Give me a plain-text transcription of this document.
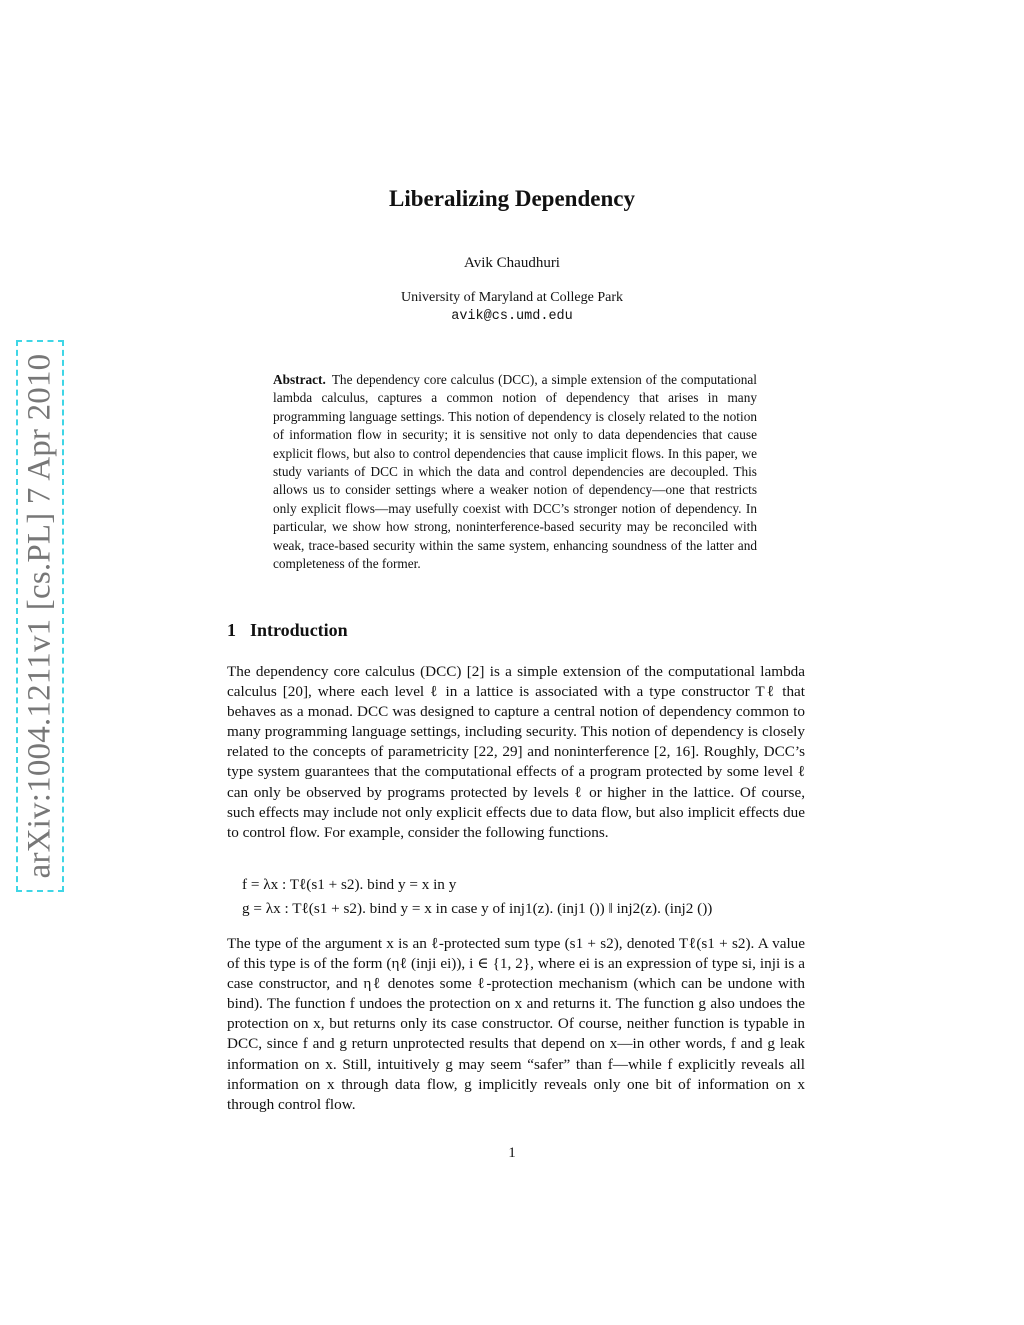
arXiv:1004.1211v1 [cs.PL] 7 Apr 2010
Liberalizing Dependency
Avik Chaudhuri
University of Maryland at College Park
avik@cs.umd.edu

Abstract. The dependency core calculus (DCC), a simple extension of the computational lambda calculus, captures a common notion of dependency that arises in many programming language settings. This notion of dependency is closely related to the notion of information flow in security; it is sensitive not only to data dependencies that cause explicit flows, but also to control dependencies that cause implicit flows. In this paper, we study variants of DCC in which the data and control dependencies are decoupled. This allows us to consider settings where a weaker notion of dependency—one that restricts only explicit flows—may usefully coexist with DCC’s stronger notion of dependency. In particular, we show how strong, noninterference-based security may be reconciled with weak, trace-based security within the same system, enhancing soundness of the latter and completeness of the former.

1 Introduction

The dependency core calculus (DCC) [2] is a simple extension of the computational lambda calculus [20], where each level ℓ in a lattice is associated with a type constructor Tℓ that behaves as a monad. DCC was designed to capture a central notion of dependency common to many programming language settings, including security. This notion of dependency is closely related to the concepts of parametricity [22, 29] and noninterference [2, 16]. Roughly, DCC’s type system guarantees that the computational effects of a program protected by some level ℓ can only be observed by programs protected by levels ℓ or higher in the lattice. Of course, such effects may include not only explicit effects due to data flow, but also implicit effects due to control flow. For example, consider the following functions.

f = λx : Tℓ(s1 + s2). bind y = x in y
g = λx : Tℓ(s1 + s2). bind y = x in case y of inj1(z). (inj1 ()) ‖ inj2(z). (inj2 ())

The type of the argument x is an ℓ-protected sum type (s1 + s2), denoted Tℓ(s1 + s2). A value of this type is of the form (ηℓ (inji ei)), i ∈ {1, 2}, where ei is an expression of type si, inji is a case constructor, and ηℓ denotes some ℓ-protection mechanism (which can be undone with bind). The function f undoes the protection on x and returns it. The function g also undoes the protection on x, but returns only its case constructor. Of course, neither function is typable in DCC, since f and g return unprotected results that depend on x—in other words, f and g leak information on x. Still, intuitively g may seem “safer” than f—while f explicitly reveals all information on x through data flow, g implicitly reveals only one bit of information on x through control flow.

1
